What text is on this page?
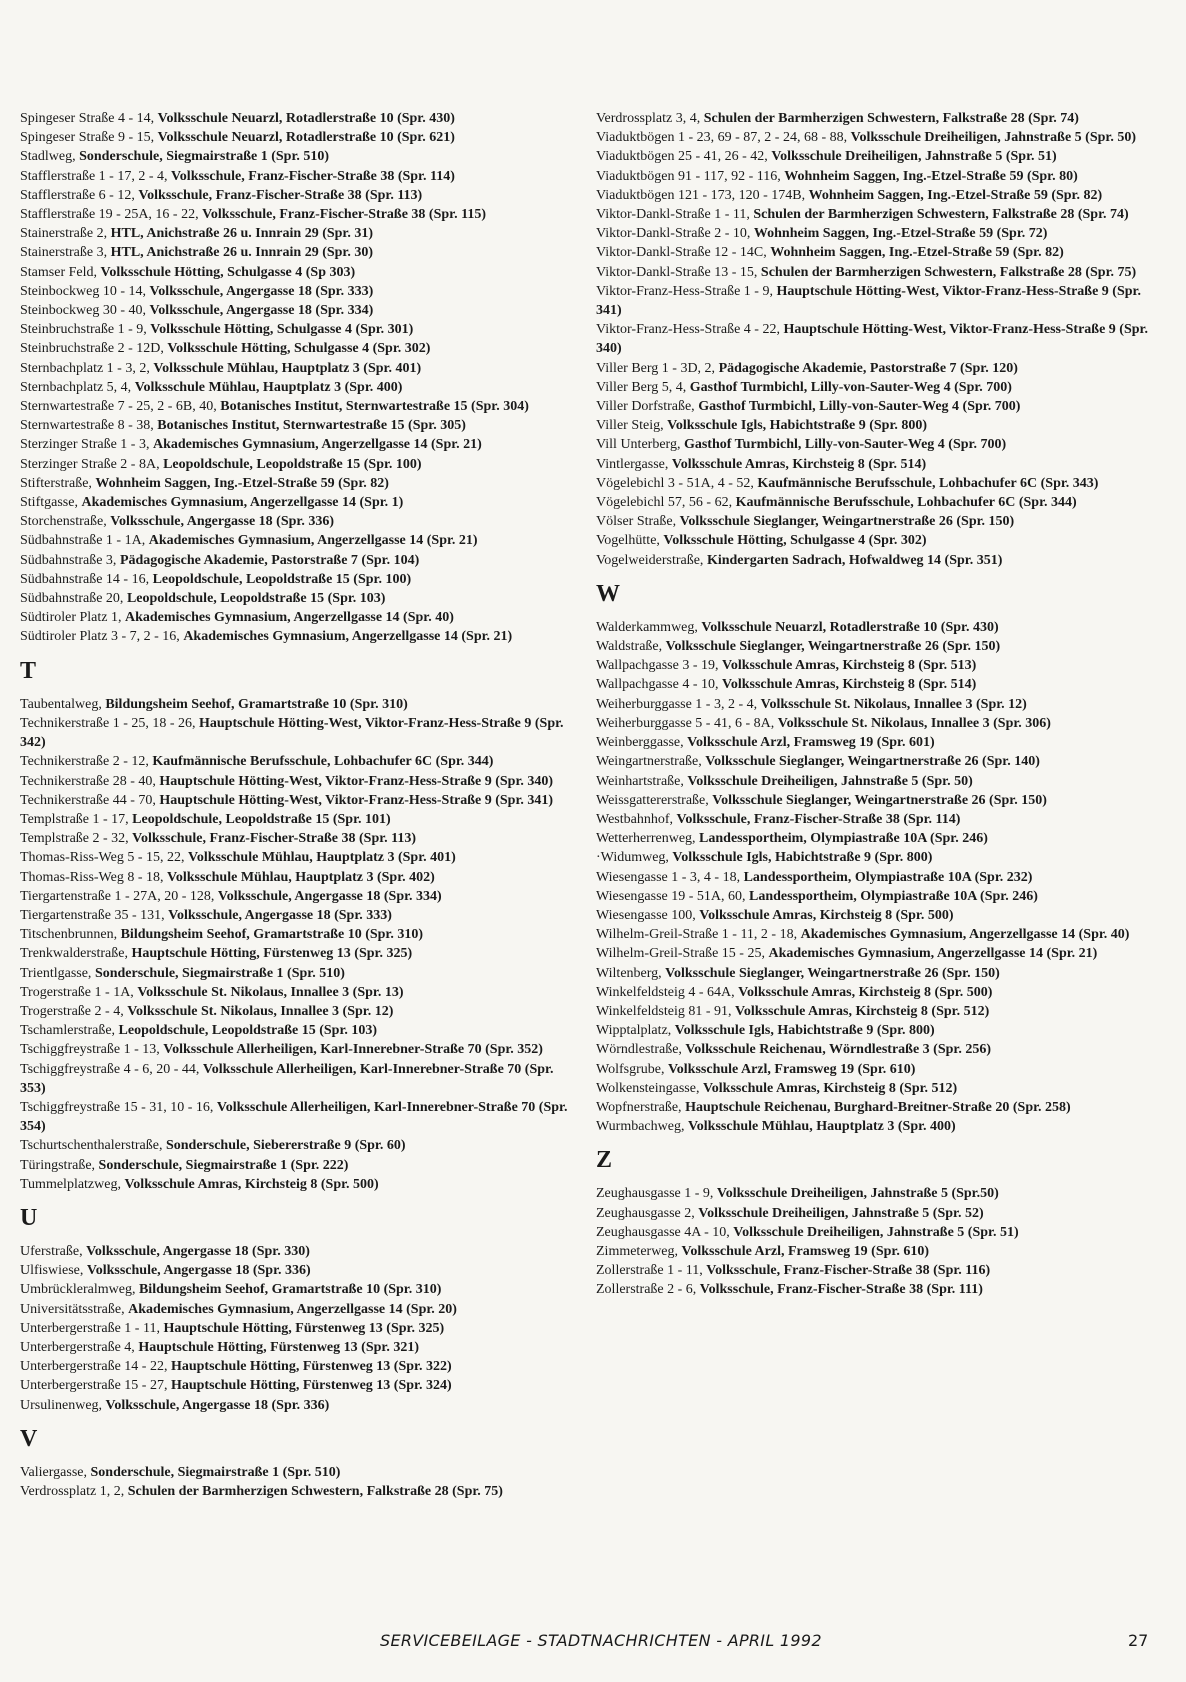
Spingeser Straße 4 - 14, Volksschule Neuarzl, Rotadlerstraße 10 (Spr. 430)

Spingeser Straße 9 - 15, Volksschule Neuarzl, Rotadlerstraße 10 (Spr. 621)

Stadlweg, Sonderschule, Siegmairstraße 1 (Spr. 510)

Stafflerstraße 1 - 17, 2 - 4, Volksschule, Franz-Fischer-Straße 38 (Spr. 114)

Stafflerstraße 6 - 12, Volksschule, Franz-Fischer-Straße 38 (Spr. 113)

Stafflerstraße 19 - 25A, 16 - 22, Volksschule, Franz-Fischer-Straße 38 (Spr. 115)

Stainerstraße 2, HTL, Anichstraße 26 u. Innrain 29 (Spr. 31)

Stainerstraße 3, HTL, Anichstraße 26 u. Innrain 29 (Spr. 30)

Stamser Feld, Volksschule Hötting, Schulgasse 4 (Sp 303)

Steinbockweg 10 - 14, Volksschule, Angergasse 18 (Spr. 333)

Steinbockweg 30 - 40, Volksschule, Angergasse 18 (Spr. 334)

Steinbruchstraße 1 - 9, Volksschule Hötting, Schulgasse 4 (Spr. 301)

Steinbruchstraße 2 - 12D, Volksschule Hötting, Schulgasse 4 (Spr. 302)

Sternbachplatz 1 - 3, 2, Volksschule Mühlau, Hauptplatz 3 (Spr. 401)

Sternbachplatz 5, 4, Volksschule Mühlau, Hauptplatz 3 (Spr. 400)

Sternwartestraße 7 - 25, 2 - 6B, 40, Botanisches Institut, Sternwartestraße 15 (Spr. 304)

Sternwartestraße 8 - 38, Botanisches Institut, Sternwartestraße 15 (Spr. 305)

Sterzinger Straße 1 - 3, Akademisches Gymnasium, Angerzellgasse 14 (Spr. 21)

Sterzinger Straße 2 - 8A, Leopoldschule, Leopoldstraße 15 (Spr. 100)

Stifterstraße, Wohnheim Saggen, Ing.-Etzel-Straße 59 (Spr. 82)

Stiftgasse, Akademisches Gymnasium, Angerzellgasse 14 (Spr. 1)

Storchenstraße, Volksschule, Angergasse 18 (Spr. 336)

Südbahnstraße 1 - 1A, Akademisches Gymnasium, Angerzellgasse 14 (Spr. 21)

Südbahnstraße 3, Pädagogische Akademie, Pastorstraße 7 (Spr. 104)

Südbahnstraße 14 - 16, Leopoldschule, Leopoldstraße 15 (Spr. 100)

Südbahnstraße 20, Leopoldschule, Leopoldstraße 15 (Spr. 103)

Südtiroler Platz 1, Akademisches Gymnasium, Angerzellgasse 14 (Spr. 40)

Südtiroler Platz 3 - 7, 2 - 16, Akademisches Gymnasium, Angerzellgasse 14 (Spr. 21)

T

Taubentalweg, Bildungsheim Seehof, Gramartstraße 10 (Spr. 310)

Technikerstraße 1 - 25, 18 - 26, Hauptschule Hötting-West, Viktor-Franz-Hess-Straße 9 (Spr. 342)

Technikerstraße 2 - 12, Kaufmännische Berufsschule, Lohbachufer 6C (Spr. 344)

Technikerstraße 28 - 40, Hauptschule Hötting-West, Viktor-Franz-Hess-Straße 9 (Spr. 340)

Technikerstraße 44 - 70, Hauptschule Hötting-West, Viktor-Franz-Hess-Straße 9 (Spr. 341)

Templstraße 1 - 17, Leopoldschule, Leopoldstraße 15 (Spr. 101)

Templstraße 2 - 32, Volksschule, Franz-Fischer-Straße 38 (Spr. 113)

Thomas-Riss-Weg 5 - 15, 22, Volksschule Mühlau, Hauptplatz 3 (Spr. 401)

Thomas-Riss-Weg 8 - 18, Volksschule Mühlau, Hauptplatz 3 (Spr. 402)

Tiergartenstraße 1 - 27A, 20 - 128, Volksschule, Angergasse 18 (Spr. 334)

Tiergartenstraße 35 - 131, Volksschule, Angergasse 18 (Spr. 333)

Titschenbrunnen, Bildungsheim Seehof, Gramartstraße 10 (Spr. 310)

Trenkwalderstraße, Hauptschule Hötting, Fürstenweg 13 (Spr. 325)

Trientlgasse, Sonderschule, Siegmairstraße 1 (Spr. 510)

Trogerstraße 1 - 1A, Volksschule St. Nikolaus, Innallee 3 (Spr. 13)

Trogerstraße 2 - 4, Volksschule St. Nikolaus, Innallee 3 (Spr. 12)

Tschamlerstraße, Leopoldschule, Leopoldstraße 15 (Spr. 103)

Tschiggfreystraße 1 - 13, Volksschule Allerheiligen, Karl-Innerebner-Straße 70 (Spr. 352)

Tschiggfreystraße 4 - 6, 20 - 44, Volksschule Allerheiligen, Karl-Innerebner-Straße 70 (Spr. 353)

Tschiggfreystraße 15 - 31, 10 - 16, Volksschule Allerheiligen, Karl-Innerebner-Straße 70 (Spr. 354)

Tschurtschenthalerstraße, Sonderschule, Siebererstraße 9 (Spr. 60)

Türingstraße, Sonderschule, Siegmairstraße 1 (Spr. 222)

Tummelplatzweg, Volksschule Amras, Kirchsteig 8 (Spr. 500)

U

Uferstraße, Volksschule, Angergasse 18 (Spr. 330)

Ulfiswiese, Volksschule, Angergasse 18 (Spr. 336)

Umbrückleralmweg, Bildungsheim Seehof, Gramartstraße 10 (Spr. 310)

Universitätsstraße, Akademisches Gymnasium, Angerzellgasse 14 (Spr. 20)

Unterbergerstraße 1 - 11, Hauptschule Hötting, Fürstenweg 13 (Spr. 325)

Unterbergerstraße 4, Hauptschule Hötting, Fürstenweg 13 (Spr. 321)

Unterbergerstraße 14 - 22, Hauptschule Hötting, Fürstenweg 13 (Spr. 322)

Unterbergerstraße 15 - 27, Hauptschule Hötting, Fürstenweg 13 (Spr. 324)

Ursulinenweg, Volksschule, Angergasse 18 (Spr. 336)

V

Valiergasse, Sonderschule, Siegmairstraße 1 (Spr. 510)

Verdrossplatz 1, 2, Schulen der Barmherzigen Schwestern, Falkstraße 28 (Spr. 75)

Verdrossplatz 3, 4, Schulen der Barmherzigen Schwestern, Falkstraße 28 (Spr. 74)

Viaduktbögen 1 - 23, 69 - 87, 2 - 24, 68 - 88, Volksschule Dreiheiligen, Jahnstraße 5 (Spr. 50)

Viaduktbögen 25 - 41, 26 - 42, Volksschule Dreiheiligen, Jahnstraße 5 (Spr. 51)

Viaduktbögen 91 - 117, 92 - 116, Wohnheim Saggen, Ing.-Etzel-Straße 59 (Spr. 80)

Viaduktbögen 121 - 173, 120 - 174B, Wohnheim Saggen, Ing.-Etzel-Straße 59 (Spr. 82)

Viktor-Dankl-Straße 1 - 11, Schulen der Barmherzigen Schwestern, Falkstraße 28 (Spr. 74)

Viktor-Dankl-Straße 2 - 10, Wohnheim Saggen, Ing.-Etzel-Straße 59 (Spr. 72)

Viktor-Dankl-Straße 12 - 14C, Wohnheim Saggen, Ing.-Etzel-Straße 59 (Spr. 82)

Viktor-Dankl-Straße 13 - 15, Schulen der Barmherzigen Schwestern, Falkstraße 28 (Spr. 75)

Viktor-Franz-Hess-Straße 1 - 9, Hauptschule Hötting-West, Viktor-Franz-Hess-Straße 9 (Spr. 341)

Viktor-Franz-Hess-Straße 4 - 22, Hauptschule Hötting-West, Viktor-Franz-Hess-Straße 9 (Spr. 340)

Viller Berg 1 - 3D, 2, Pädagogische Akademie, Pastorstraße 7 (Spr. 120)

Viller Berg 5, 4, Gasthof Turmbichl, Lilly-von-Sauter-Weg 4 (Spr. 700)

Viller Dorfstraße, Gasthof Turmbichl, Lilly-von-Sauter-Weg 4 (Spr. 700)

Viller Steig, Volksschule Igls, Habichtstraße 9 (Spr. 800)

Vill Unterberg, Gasthof Turmbichl, Lilly-von-Sauter-Weg 4 (Spr. 700)

Vintlergasse, Volksschule Amras, Kirchsteig 8 (Spr. 514)

Vögelebichl 3 - 51A, 4 - 52, Kaufmännische Berufsschule, Lohbachufer 6C (Spr. 343)

Vögelebichl 57, 56 - 62, Kaufmännische Berufsschule, Lohbachufer 6C (Spr. 344)

Völser Straße, Volksschule Sieglanger, Weingartnerstraße 26 (Spr. 150)

Vogelhütte, Volksschule Hötting, Schulgasse 4 (Spr. 302)

Vogelweiderstraße, Kindergarten Sadrach, Hofwaldweg 14 (Spr. 351)

W

Walderkammweg, Volksschule Neuarzl, Rotadlerstraße 10 (Spr. 430)

Waldstraße, Volksschule Sieglanger, Weingartnerstraße 26 (Spr. 150)

Wallpachgasse 3 - 19, Volksschule Amras, Kirchsteig 8 (Spr. 513)

Wallpachgasse 4 - 10, Volksschule Amras, Kirchsteig 8 (Spr. 514)

Weiherburggasse 1 - 3, 2 - 4, Volksschule St. Nikolaus, Innallee 3 (Spr. 12)

Weiherburggasse 5 - 41, 6 - 8A, Volksschule St. Nikolaus, Innallee 3 (Spr. 306)

Weinberggasse, Volksschule Arzl, Framsweg 19 (Spr. 601)

Weingartnerstraße, Volksschule Sieglanger, Weingartnerstraße 26 (Spr. 140)

Weinhartstraße, Volksschule Dreiheiligen, Jahnstraße 5 (Spr. 50)

Weissgattererstraße, Volksschule Sieglanger, Weingartnerstraße 26 (Spr. 150)

Westbahnhof, Volksschule, Franz-Fischer-Straße 38 (Spr. 114)

Wetterherrenweg, Landessportheim, Olympiastraße 10A (Spr. 246)

·Widumweg, Volksschule Igls, Habichtstraße 9 (Spr. 800)

Wiesengasse 1 - 3, 4 - 18, Landessportheim, Olympiastraße 10A (Spr. 232)

Wiesengasse 19 - 51A, 60, Landessportheim, Olympiastraße 10A (Spr. 246)

Wiesengasse 100, Volksschule Amras, Kirchsteig 8 (Spr. 500)

Wilhelm-Greil-Straße 1 - 11, 2 - 18, Akademisches Gymnasium, Angerzellgasse 14 (Spr. 40)

Wilhelm-Greil-Straße 15 - 25, Akademisches Gymnasium, Angerzellgasse 14 (Spr. 21)

Wiltenberg, Volksschule Sieglanger, Weingartnerstraße 26 (Spr. 150)

Winkelfeldsteig 4 - 64A, Volksschule Amras, Kirchsteig 8 (Spr. 500)

Winkelfeldsteig 81 - 91, Volksschule Amras, Kirchsteig 8 (Spr. 512)

Wipptalplatz, Volksschule Igls, Habichtstraße 9 (Spr. 800)

Wörndlestraße, Volksschule Reichenau, Wörndlestraße 3 (Spr. 256)

Wolfsgrube, Volksschule Arzl, Framsweg 19 (Spr. 610)

Wolkensteingasse, Volksschule Amras, Kirchsteig 8 (Spr. 512)

Wopfnerstraße, Hauptschule Reichenau, Burghard-Breitner-Straße 20 (Spr. 258)

Wurmbachweg, Volksschule Mühlau, Hauptplatz 3 (Spr. 400)

Z

Zeughausgasse 1 - 9, Volksschule Dreiheiligen, Jahnstraße 5 (Spr.50)

Zeughausgasse 2, Volksschule Dreiheiligen, Jahnstraße 5 (Spr. 52)

Zeughausgasse 4A - 10, Volksschule Dreiheiligen, Jahnstraße 5 (Spr. 51)

Zimmeterweg, Volksschule Arzl, Framsweg 19 (Spr. 610)

Zollerstraße 1 - 11, Volksschule, Franz-Fischer-Straße 38 (Spr. 116)

Zollerstraße 2 - 6, Volksschule, Franz-Fischer-Straße 38 (Spr. 111)

SERVICEBEILAGE - STADTNACHRICHTEN - APRIL 1992	27
